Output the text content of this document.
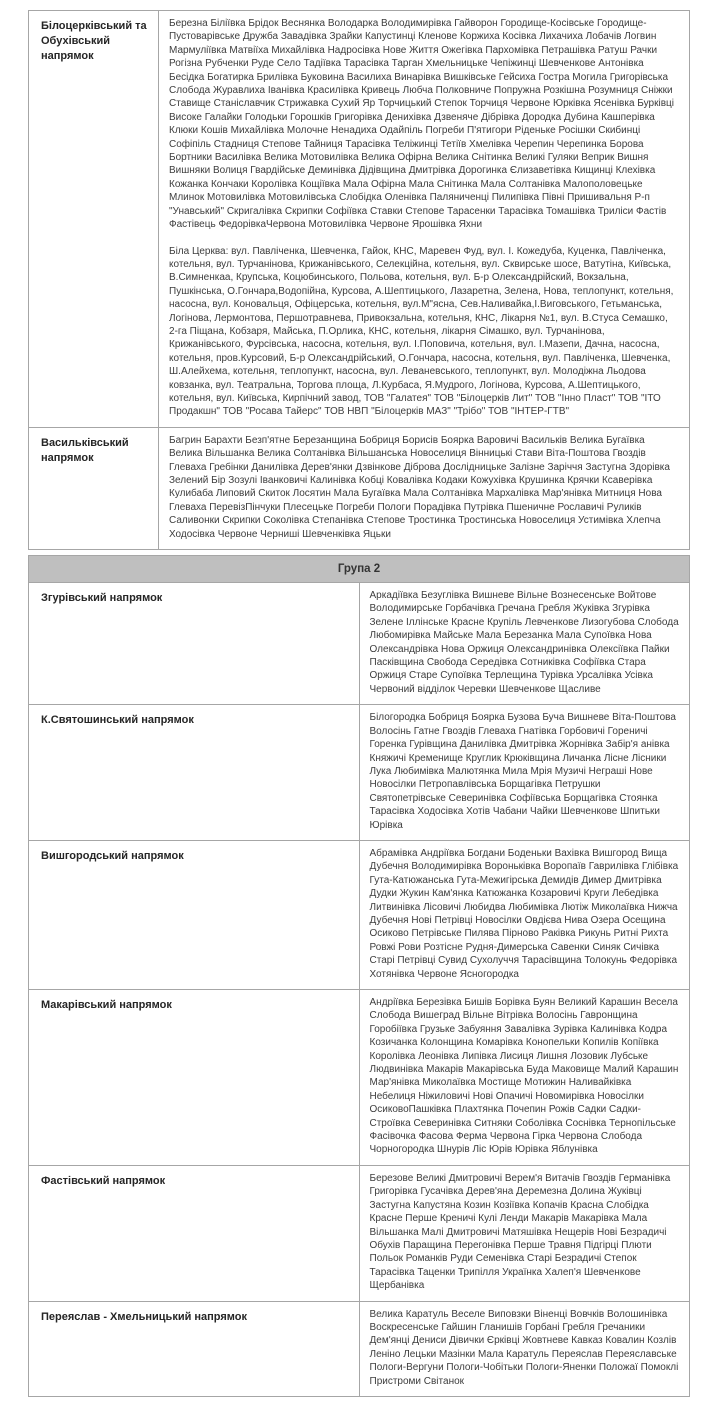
Білоцерківський та Обухівський напрямок	Березна Біліївка Брідок Веснянка Володарка Володимирівка Гайворон Городище-Косівське Городище-Пустоварівське Дружба Завадівка Зрайки Капустинці Кленове Коржиха Косівка Лихачиха Лобачів Логвин Мармуліївка Матвіїха Михайлівка Надросівка Нове Життя Ожегівка Пархомівка Петрашівка Ратуш Рачки Рогізна Рубченки Руде Село Тадіївка Тарасівка Тарган Хмельницьке Чепіжинці Шевченкове Антонівка Бесідка Богатирка Брилівка Буковина Василиха Винарівка Вишківське Гейсиха Гостра Могила Григорівська Слобода Журавлиха Іванівка Красилівка Кривець Любча Полковниче Попружна Розкішна Розумниця Сніжки Ставище Станіславчик Стрижавка Сухий Яр Торчицький Степок Торчиця Червоне Юрківка Ясенівка Бурківці Високе Галайки Голодьки Горошків Григорівка Денихівка Дзвеняче Дібрівка Дородка Дубина Кашперівка Клюки Кошів Михайлівка Молочне Ненадиха Одайпіль Погреби П'ятигори Ріденьке Росішки Скибинці Софіпіль Стадниця Степове Тайниця Тарасівка Теліжинці Тетіїв Хмелівка Черепин Черепинка Борова Бортники Василівка Велика Мотовилівка Велика Офірна Велика Снітинка Великі Гуляки Веприк Вишня Вишняки Волиця Гвардійське Деминівка Дідівщина Дмитрівка Дорогинка Єлизаветівка Кищинці Клехівка Кожанка Кончаки Королівка Кощіївка Мала Офірна Мала Снітинка Мала Солтанівка Малополовецьке Млинок Мотовилівка Мотовилівська Слобідка Оленівка Паляниченці Пилипівка Півні Пришивальня Р-п "Унавський" Скригалівка Скрипки Софіївка Ставки Степове Тарасенки Тарасівка Томашівка Триліси Фастів Фастівець ФедорівкаЧервона Мотовилівка Червоне Ярошівка Яхни

Біла Церква: вул. Павліченка, Шевченка, Гайок, КНС, Маревен Фуд, вул. І. Кожедуба, Куценка, Павліченка, котельня, вул. Турчанінова, Крижанівського, Селекційна, котельня, вул. Сквирське шосе, Ватутіна, Київська, В.Симненкаа, Крупська, Коцюбинського, Польова, котельня, вул. Б-р Олександрійский, Вокзальна, Пушкінська, О.Гончара,Водопійна, Курсова, А.Шептицького, Лазаретна, Зелена, Нова, теплопункт, котельня, насосна, вул. Коновальця, Офіцерська, котельня, вул.М"ясна, Сев.Наливайка,І.Виговського, Гетьманська, Логінова, Лермонтова, Першотравнева, Привокзальна, котельня, КНС, Лікарня №1, вул. В.Стуса Семашко, 2-га Піщана, Кобзаря, Майська, П.Орлика, КНС, котельня, лікарня Сімашко, вул. Турчанінова, Крижанівського, Фурсівська, насосна, котельня, вул. І.Поповича, котельня, вул. І.Мазепи, Дачна, насосна, котельня, пров.Курсовий, Б-р Олександрійський, О.Гончара, насосна, котельня, вул. Павліченка, Шевченка, Ш.Алейхема, котельня, теплопункт, насосна, вул. Леваневського, теплопункт, вул. Молодіжна Льодова ковзанка, вул. Театральна, Торгова площа, Л.Курбаса, Я.Мудрого, Логінова, Курсова, А.Шептицького, котельня, вул. Київська, Кирпічний завод, ТОВ "Галатея" ТОВ "Білоцерків Лит" ТОВ "Інно Пласт" ТОВ "ІТО Продакшн" ТОВ "Росава Тайерс" ТОВ НВП "Білоцерків МАЗ" "Трібо" ТОВ "ІНТЕР-ГТВ"

Васильківський напрямок	Багрин Барахти Безп'ятне Березанщина Бобриця Борисів Боярка Варовичі Васильків Велика Бугаївка Велика Вільшанка Велика Солтанівка Вільшанська Новоселиця Вінницькі Стави Віта-Поштова Гвоздів Глеваха Гребінки Данилівка Дерев'янки Дзвінкове Діброва Дослідницьке Залізне Заріччя Застугна Здорівка Зелений Бір Зозулі Іванковичі Калинівка Кобці Ковалівка Кодаки Кожухівка Крушинка Крячки Ксаверівка Кулибаба Липовий Скиток Лосятин Мала Бугаївка Мала Солтанівка Мархалівка Мар'янівка Митниця Нова Глеваха ПеревізПінчуки Плесецьке Погреби Пологи Порадівка Путрівка Пшеничне Рославичі Руликів Саливонки Скрипки Соколівка Степанівка Степове Тростинка Тростинська Новоселиця Устимівка Хлепча Ходосівка Червоне Черниші Шевченківка Яцьки

Група 2	
Згурівський напрямок	Аркадіївка Безуглівка Вишневе Вільне Вознесенське Войтове Володимирське Горбачівка Гречана Гребля Жуківка Згурівка Зелене Іллінське Красне Крупіль Левченкове Лизогубова Слобода Любомирівка Майське Мала Березанка Мала Супоївка Нова Олександрівка Нова Оржиця Олександринівка Олексіївка Пайки Пасківщина Свобода Середівка Сотниківка Софіївка Стара Оржиця Старе Супоївка Терлещина Турівка Урсалівка Усівка Червоний відділок Черевки Шевченкове Щасливе

К.Святошинський напрямок	Білогородка Бобриця Боярка Бузова Буча Вишневе Віта-Поштова Волосінь Гатне Гвоздів Глеваха Гнатівка Горбовичі Гореничі Горенка Гурівщина Данилівка Дмитрівка Жорнівка Забір'я анівка Княжичі Кременище Круглик Крюківщина Личанка Лісне Лісники Лука Любимівка Малютянка Мила Мрія Музичі Неграші Нове Новосілки Петропавлівська Борщагівка Петрушки Святопетрівське Северинівка Софіївська Борщагівка Стоянка Тарасівка Ходосівка Хотів Чабани Чайки Шевченкове Шпитьки Юрівка

Вишгородський напрямок	Абрамівка Андріївка Богдани Боденьки Вахівка Вишгород Вища Дубечня Володимирівка Вороньківка Воропаїв Гаврилівка Глібівка Гута-Катюжанська Гута-Межигірська Демидів Димер Дмитрівка Дудки Жукин Кам'янка Катюжанка Козаровичі Круги Лебедівка Литвинівка Лісовичі Любидва Любимівка Лютіж Миколаївка Нижча Дубечня Нові Петрівці Новосілки Овдієва Нива Озера Осещина Осиково Петрівське Пилява Пірново Раківка Рикунь Ритні Рихта Ровжі Рови Розтісне Рудня-Димерська Савенки Синяк Сичівка Старі Петрівці Сувид Сухолуччя Тарасівщина Толокунь Федорівка Хотянівка Червоне Ясногородка

Макарівський напрямок	Андріївка Березівка Бишів Борівка Буян Великий Карашин Весела Слобода Вишеград Вільне Вітрівка Волосінь Гавронщина Горобіївка Грузьке Забуяння Завалівка Зурівка Калинівка Кодра Козичанка Колонщина Комарівка Конопельки Копилів Копіївка Королівка Леонівка Липівка Лисиця Лишня Лозовик Лубське Людвинівка Макарів Макарівська Буда Маковище Малий Карашин Мар'янівка Миколаївка Мостище Мотижин Наливайківка Небелиця Ніжиловичі Нові Опачичі Новомирівка Новосілки ОсиковоПашківка Плахтянка Почепин Рожів Садки Садки-Строївка Северинівка Ситняки Соболівка Соснівка Тернопільське Фасівочка Фасова Ферма Червона Гірка Червона Слобода Чорногородка Шнурів Ліс Юрів Юрівка Яблунівка

Фастівський напрямок	Березове Великі Дмитровичі Верем'я Витачів Гвоздів Германівка Григорівка Гусачівка Дерев'яна Деремезна Долина Жуківці Застугна Капустяна Козин Козіївка Копачів Красна Слобідка Красне Перше Креничі Кулі Ленди Макарів Макарівка Мала Вільшанка Малі Дмитровичі Матяшівка Нещерів Нові Безрадичі Обухів Паращина Перегонівка Перше Травня Підгірці Плюти Польок Романків Руди Семенівка Старі Безрадичі Степок Тарасівка Таценки Трипілля Українка Халеп'я Шевченкове Щербанівка

Переяслав - Хмельницький напрямок	Велика Каратуль Веселе Виповзки Віненці Вовчків Волошинівка Воскресенське Гайшин Гланишів Горбані Гребля Гречаники Дем'янці Дениси Дівички Єрківці Жовтневе Кавказ Ковалин Козлів Леніно Лецьки Мазінки Мала Каратуль Переяслав Переяславське Пологи-Вергуни Пологи-Чобітьки Пологи-Яненки Положаї Помоклі Пристроми Світанок
